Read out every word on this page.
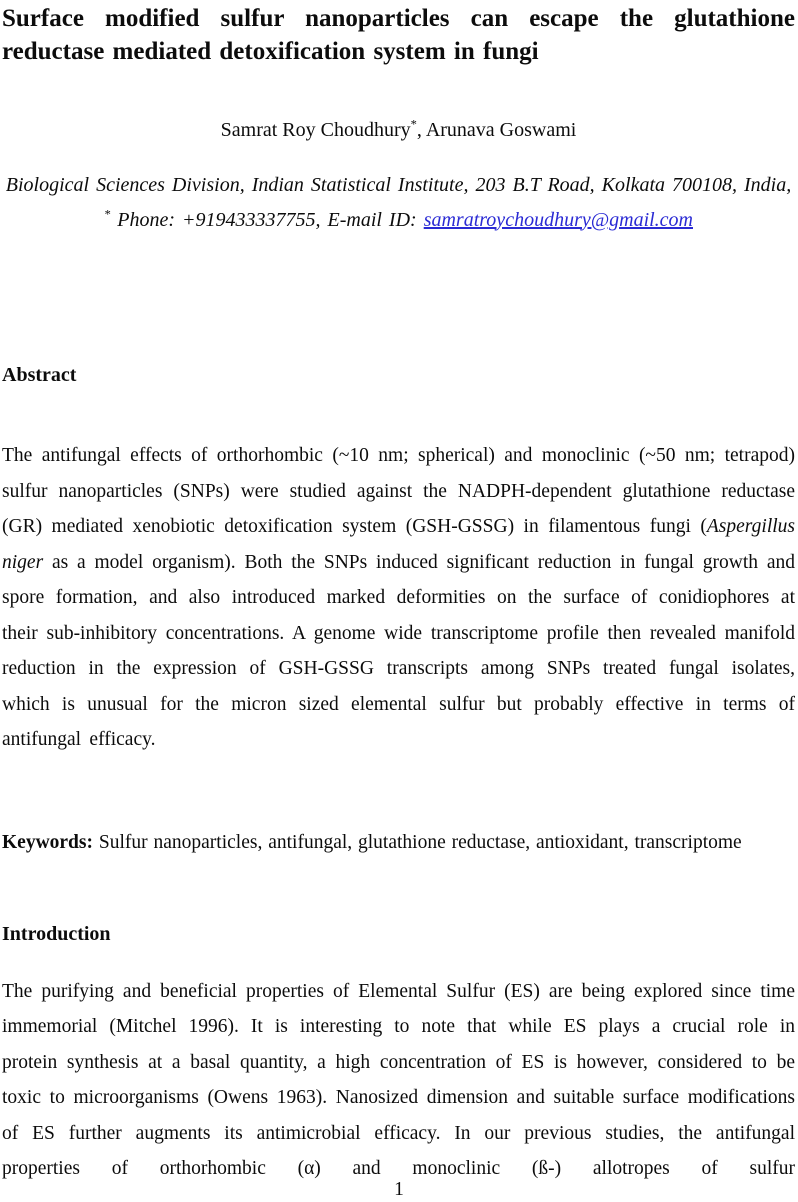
Surface modified sulfur nanoparticles can escape the glutathione reductase mediated detoxification system in fungi

Samrat Roy Choudhury*, Arunava Goswami

Biological Sciences Division, Indian Statistical Institute, 203 B.T Road, Kolkata 700108, India, * Phone: +919433337755, E-mail ID: samratroychoudhury@gmail.com

Abstract

The antifungal effects of orthorhombic (~10 nm; spherical) and monoclinic (~50 nm; tetrapod) sulfur nanoparticles (SNPs) were studied against the NADPH-dependent glutathione reductase (GR) mediated xenobiotic detoxification system (GSH-GSSG) in filamentous fungi (Aspergillus niger as a model organism). Both the SNPs induced significant reduction in fungal growth and spore formation, and also introduced marked deformities on the surface of conidiophores at their sub-inhibitory concentrations. A genome wide transcriptome profile then revealed manifold reduction in the expression of GSH-GSSG transcripts among SNPs treated fungal isolates, which is unusual for the micron sized elemental sulfur but probably effective in terms of antifungal efficacy.

Keywords: Sulfur nanoparticles, antifungal, glutathione reductase, antioxidant, transcriptome

Introduction

The purifying and beneficial properties of Elemental Sulfur (ES) are being explored since time immemorial (Mitchel 1996). It is interesting to note that while ES plays a crucial role in protein synthesis at a basal quantity, a high concentration of ES is however, considered to be toxic to microorganisms (Owens 1963). Nanosized dimension and suitable surface modifications of ES further augments its antimicrobial efficacy. In our previous studies, the antifungal properties of orthorhombic (α) and monoclinic (ß-) allotropes of sulfur

1
